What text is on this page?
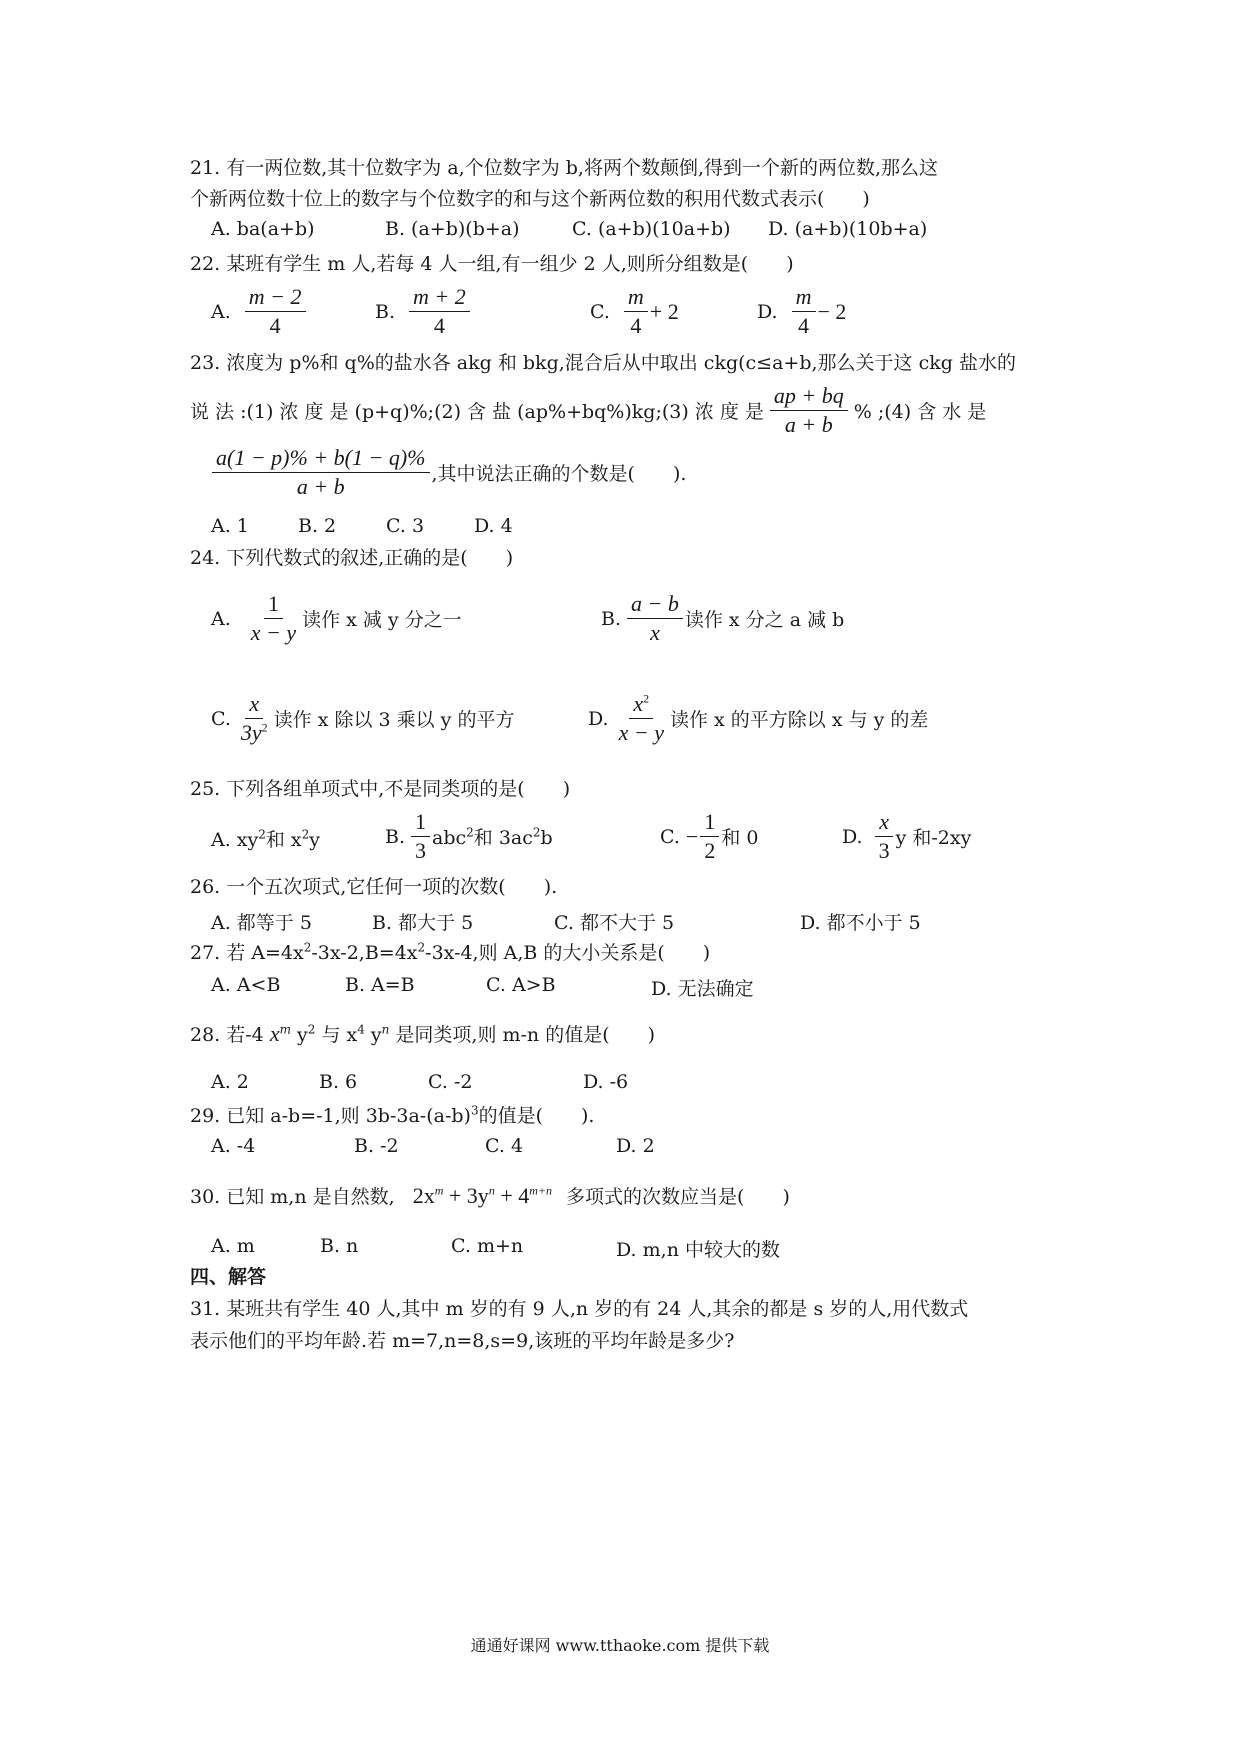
21. 有一两位数,其十位数字为 a,个位数字为 b,将两个数颠倒,得到一个新的两位数,那么这
个新两位数十位上的数字与个位数字的和与这个新两位数的积用代数式表示(　　)
A. ba(a+b)	B. (a+b)(b+a)	C. (a+b)(10a+b) D. (a+b)(10b+a)
22. 某班有学生 m 人,若每 4 人一组,有一组少 2 人,则所分组数是(　　)
A. $\frac{m - 2}{4}$	B. $\frac{m + 2}{4}$	C. $\frac{m}{4} + 2$	D. $\frac{m}{4} - 2$
23. 浓度为 p%和 q%的盐水各 akg 和 bkg,混合后从中取出 ckg(c≤a+b,那么关于这 ckg 盐水的
说 法 :(1) 浓 度 是 (p+q)%;(2) 含 盐 (ap%+bq%)kg;(3) 浓 度 是 $\frac{ap + bq}{a + b}$ % ;(4) 含 水 是
$\frac{a(1 - p)\% + b(1 - q)\%}{a + b}$ ,其中说法正确的个数是(　　).
A. 1	B. 2	C. 3	D. 4
24. 下列代数式的叙述,正确的是(　　)
A. $\frac{1}{x - y}$ 读作 x 减 y 分之一	B. $\frac{a - b}{x}$ 读作 x 分之 a 减 b
C. $\frac{x}{3y^2}$ 读作 x 除以 3 乘以 y 的平方	D. $\frac{x^2}{x - y}$ 读作 x 的平方除以 x 与 y 的差
25. 下列各组单项式中,不是同类项的是(　　)
A. $xy^2$和 $x^2y$	B. $\frac{1}{3} abc^2$和 $3ac^2b$	C. − $\frac{1}{2}$ 和 0	D. $\frac{x}{3}$ y 和-2xy
26. 一个五次项式,它任何一项的次数(　　).
A. 都等于 5	B. 都大于 5	C. 都不大于 5	D. 都不小于 5
27. 若 $A=4x^2-3x-2,B=4x^2-3x-4$,则 A,B 的大小关系是(　　)
A. A<B	B. A=B	C. A>B	D. 无法确定
28. 若-4 $x^m$ $y^2$ 与 $x^4$ $y^n$ 是同类项,则 m-n 的值是(　　)
A. 2	B. 6	C. -2	D. -6
29. 已知 a-b=-1,则 $3b-3a-(a-b)^3$的值是(　　).
A. -4	B. -2	C. 4	D. 2
30. 已知 m,n 是自然数, $2x^m + 3y^n + 4^{m+n}$ 多项式的次数应当是(　　)
A. m	B. n	C. m+n	D. m,n 中较大的数
四、解答
31. 某班共有学生 40 人,其中 m 岁的有 9 人,n 岁的有 24 人,其余的都是 s 岁的人,用代数式
表示他们的平均年龄.若 m=7,n=8,s=9,该班的平均年龄是多少?
通通好课网 www.tthaoke.com 提供下载
